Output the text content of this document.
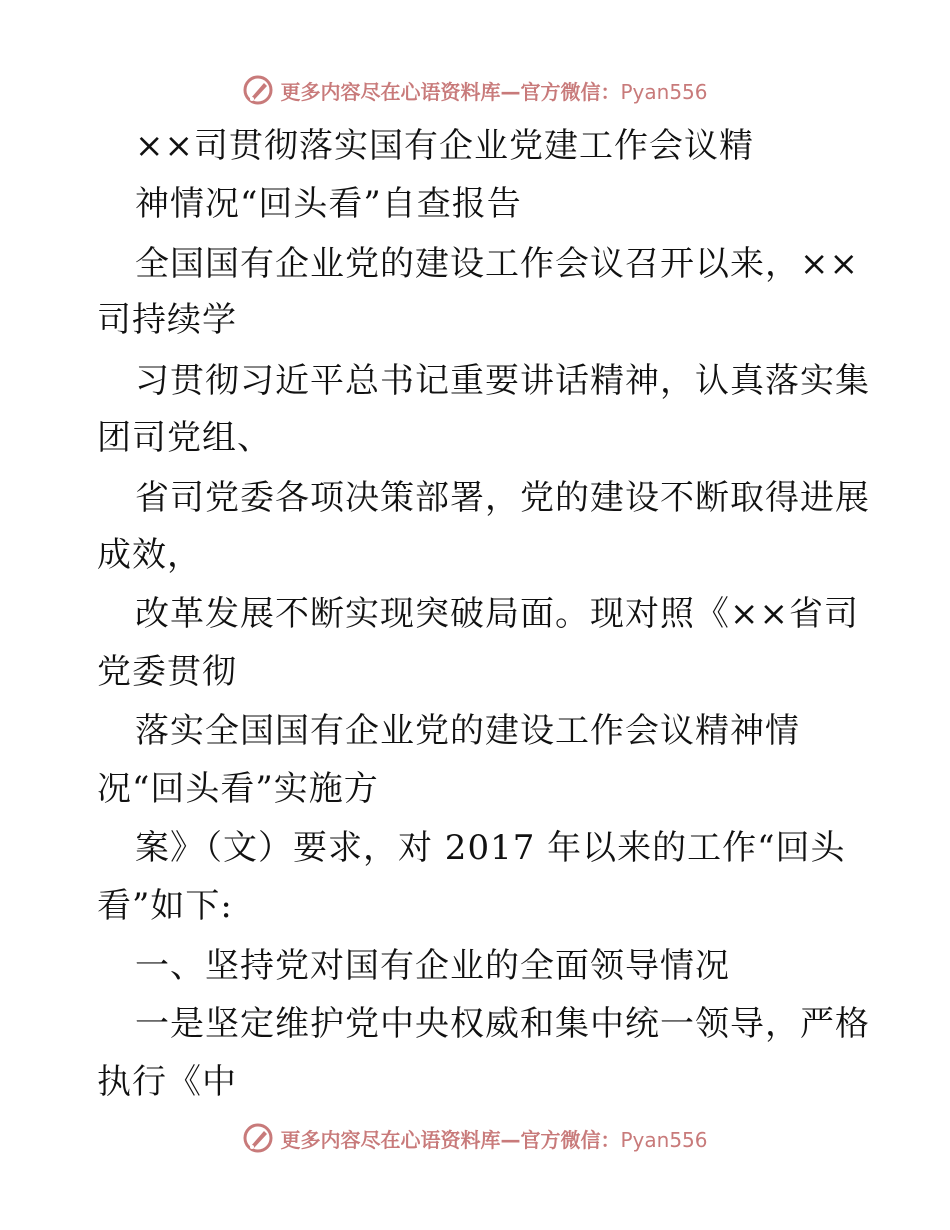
更多内容尽在心语资料库—官方微信：Pyan556
××司贯彻落实国有企业党建工作会议精
神情况“回头看”自查报告
全国国有企业党的建设工作会议召开以来，××
司持续学
习贯彻习近平总书记重要讲话精神，认真落实集
团司党组、
省司党委各项决策部署，党的建设不断取得进展
成效，
改革发展不断实现突破局面。现对照《××省司
党委贯彻
落实全国国有企业党的建设工作会议精神情
况“回头看”实施方
案》（文）要求，对 2017 年以来的工作“回头
看”如下:
一、坚持党对国有企业的全面领导情况
一是坚定维护党中央权威和集中统一领导，严格
执行《中
更多内容尽在心语资料库—官方微信：Pyan556
